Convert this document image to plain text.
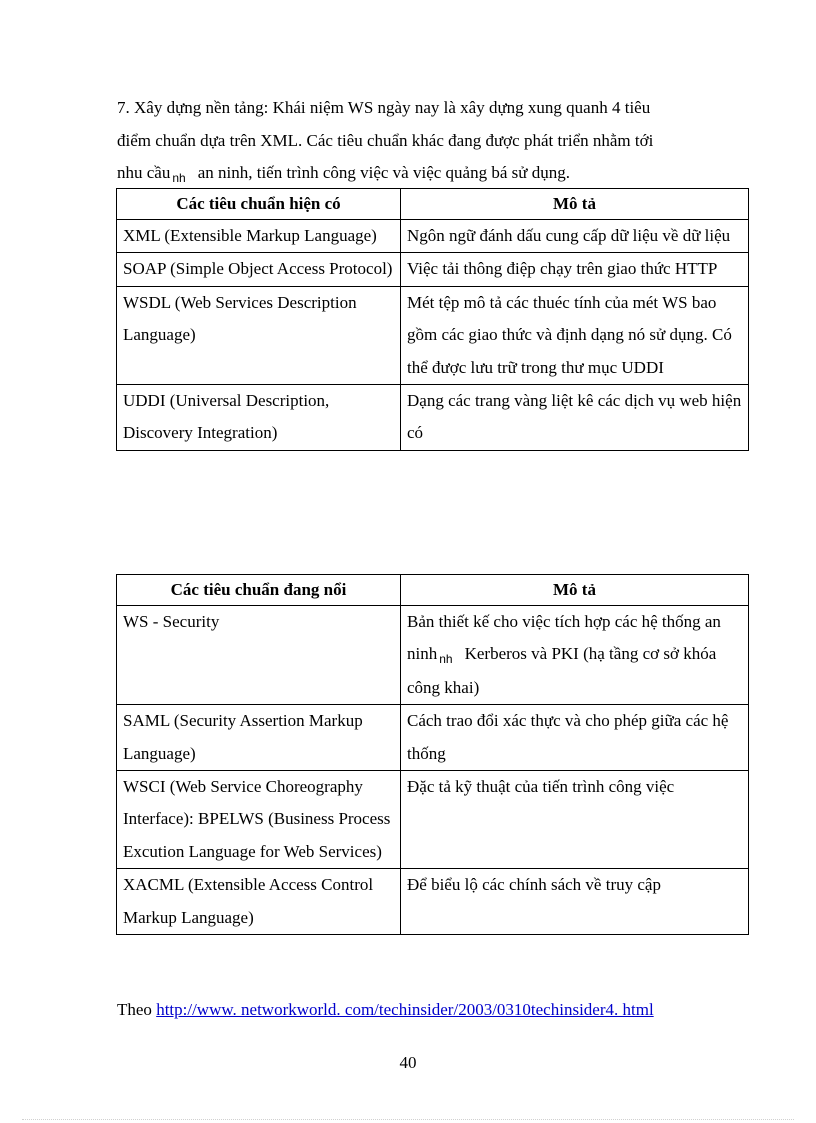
7. Xây dựng nền tảng: Khái niệm WS ngày nay là xây dựng xung quanh 4 tiêu

điểm chuẩn dựa trên XML. Các tiêu chuẩn khác đang được phát triển nhằm tới

nhu cầu $_{nh}$ an ninh, tiến trình công việc và việc quảng bá sử dụng.

Các tiêu chuẩn hiện có	Mô tả
XML (Extensible Markup Language)	Ngôn ngữ đánh dấu cung cấp dữ liệu về dữ liệu
SOAP (Simple Object Access Protocol)	Việc tải thông điệp chạy trên giao thức HTTP
WSDL (Web Services Description Language)	Mét tệp mô tả các thuéc tính của mét WS bao gồm các giao thức và định dạng nó sử dụng. Có thể được lưu trữ trong thư mục UDDI
UDDI (Universal Description, Discovery Integration)	Dạng các trang vàng liệt kê các dịch vụ web hiện có
Các tiêu chuẩn đang nổi	Mô tả
WS - Security	Bản thiết kế cho việc tích hợp các hệ thống an ninh $_{nh}$ Kerberos và PKI (hạ tầng cơ sở khóa công khai)
SAML (Security Assertion Markup Language)	Cách trao đổi xác thực và cho phép giữa các hệ thống
WSCI (Web Service Choreography Interface): BPELWS (Business Process Excution Language for Web Services)	Đặc tả kỹ thuật của tiến trình công việc
XACML (Extensible Access Control Markup Language)	Để biểu lộ các chính sách về truy cập
Theo http://www. networkworld. com/techinsider/2003/0310techinsider4. html
40
